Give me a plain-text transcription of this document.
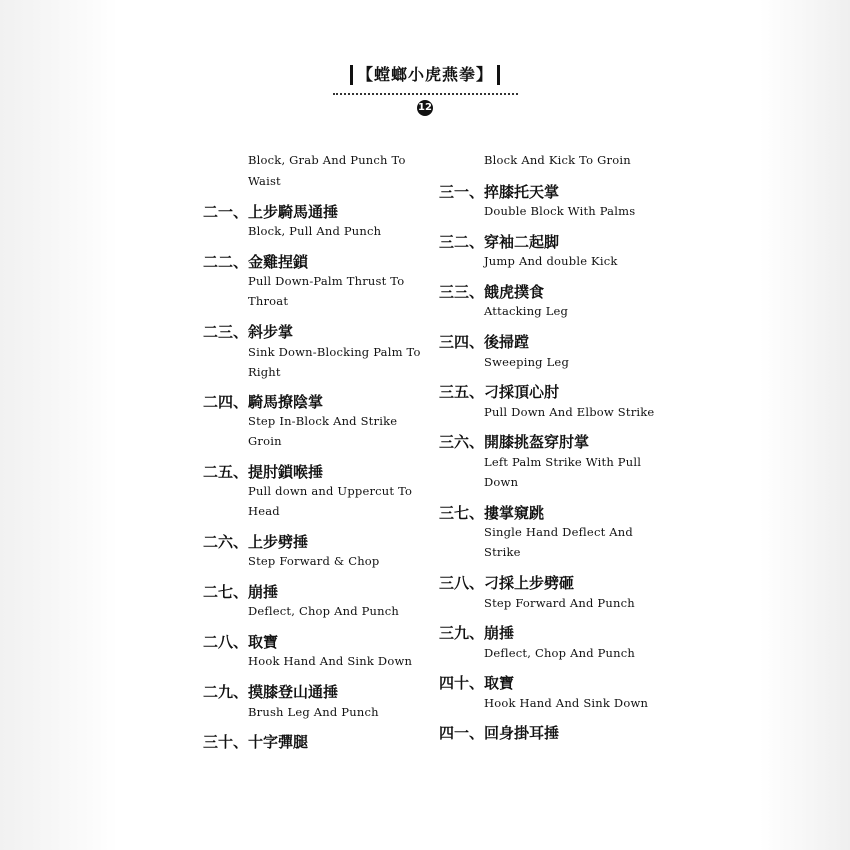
【螳螂小虎燕拳】
12
Block, Grab And Punch To
Waist
二一、上步騎馬通捶
Block, Pull And Punch
二二、金雞捏鎖
Pull Down-Palm Thrust To
Throat
二三、斜步掌
Sink Down-Blocking Palm To
Right
二四、騎馬撩陰掌
Step In-Block And Strike
Groin
二五、提肘鎖喉捶
Pull down and Uppercut To
Head
二六、上步劈捶
Step Forward & Chop
二七、崩捶
Deflect, Chop And Punch
二八、取寶
Hook Hand And Sink Down
二九、摸膝登山通捶
Brush Leg And Punch
三十、十字彈腿
Block And Kick To Groin
三一、捽膝托天掌
Double Block With Palms
三二、穿袖二起脚
Jump And double Kick
三三、餓虎撲食
Attacking Leg
三四、後掃蹚
Sweeping Leg
三五、刁採頂心肘
Pull Down And Elbow Strike
三六、開膝挑盔穿肘掌
Left Palm Strike With Pull
Down
三七、摟掌窺跳
Single Hand Deflect And
Strike
三八、刁採上步劈砸
Step Forward And Punch
三九、崩捶
Deflect, Chop And Punch
四十、取寶
Hook Hand And Sink Down
四一、回身掛耳捶
